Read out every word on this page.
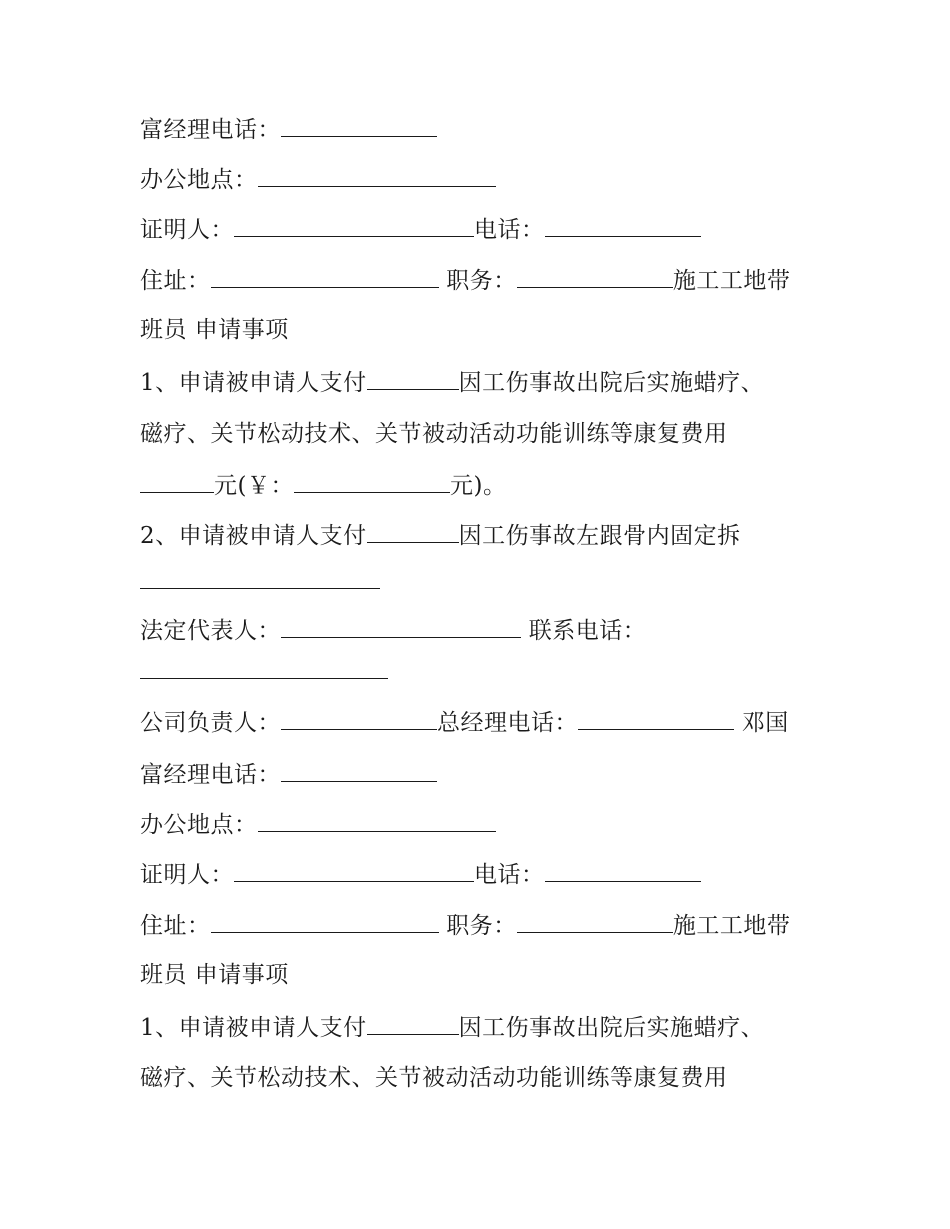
富经理电话：
办公地点：
证明人：	电话：
住址：	职务：	施工工地带
班员 申请事项
1、申请被申请人支付	因工伤事故出院后实施蜡疗、
磁疗、关节松动技术、关节被动活动功能训练等康复费用
元(￥：	元)。
2、申请被申请人支付	因工伤事故左跟骨内固定拆
法定代表人：	联系电话：
公司负责人：	总经理电话：	邓国
富经理电话：
办公地点：
证明人：	电话：
住址：	职务：	施工工地带
班员 申请事项
1、申请被申请人支付	因工伤事故出院后实施蜡疗、
磁疗、关节松动技术、关节被动活动功能训练等康复费用
